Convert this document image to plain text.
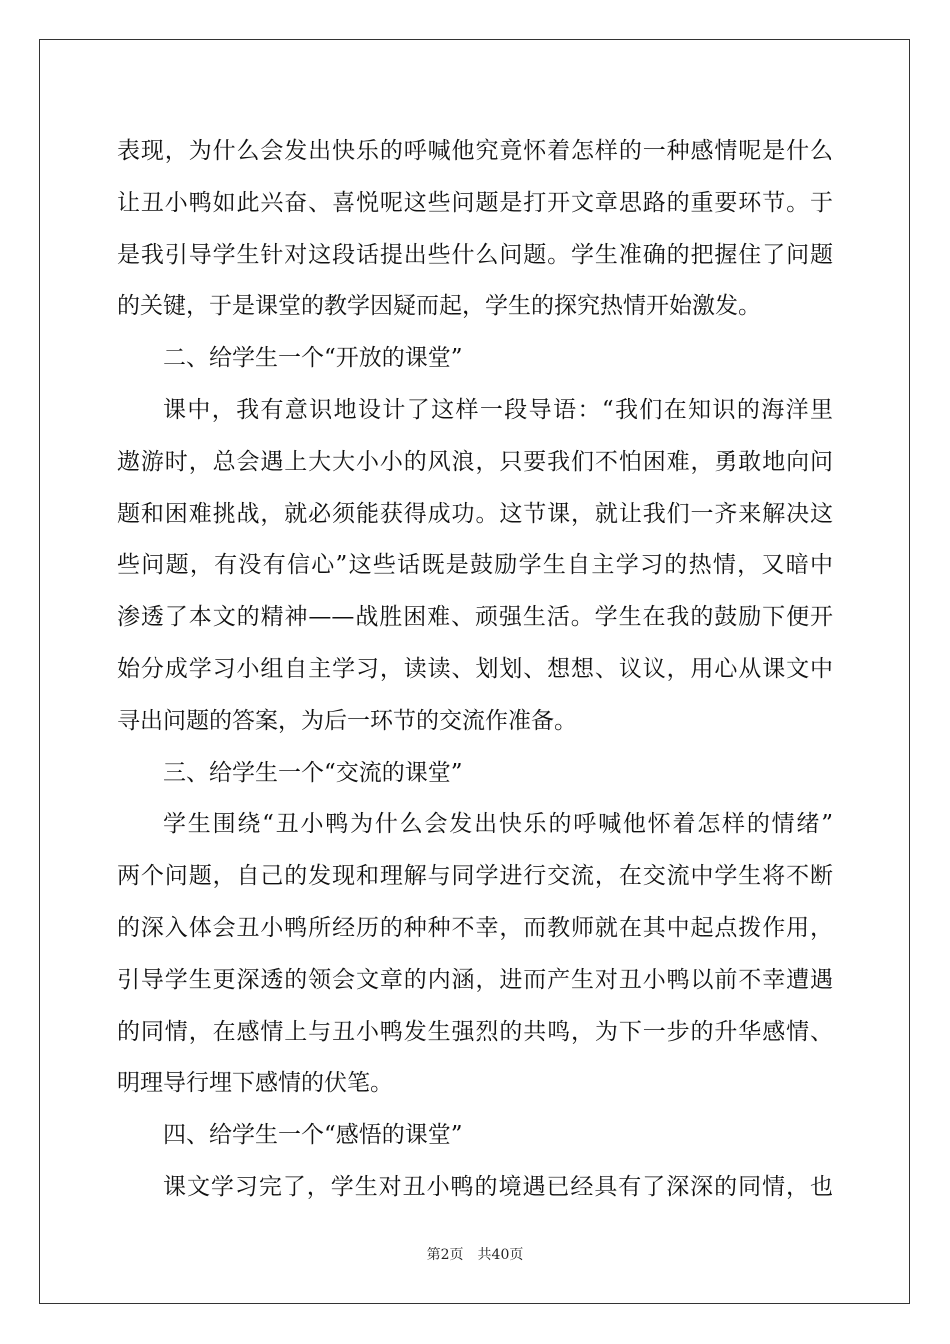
表现，为什么会发出快乐的呼喊他究竟怀着怎样的一种感情呢是什么
让丑小鸭如此兴奋、喜悦呢这些问题是打开文章思路的重要环节。于
是我引导学生针对这段话提出些什么问题。学生准确的把握住了问题
的关键，于是课堂的教学因疑而起，学生的探究热情开始激发。
二、给学生一个“开放的课堂”
课中，我有意识地设计了这样一段导语：“我们在知识的海洋里
遨游时，总会遇上大大小小的风浪，只要我们不怕困难，勇敢地向问
题和困难挑战，就必须能获得成功。这节课，就让我们一齐来解决这
些问题，有没有信心”这些话既是鼓励学生自主学习的热情，又暗中
渗透了本文的精神——战胜困难、顽强生活。学生在我的鼓励下便开
始分成学习小组自主学习，读读、划划、想想、议议，用心从课文中
寻出问题的答案，为后一环节的交流作准备。
三、给学生一个“交流的课堂”
学生围绕“丑小鸭为什么会发出快乐的呼喊他怀着怎样的情绪”
两个问题，自己的发现和理解与同学进行交流，在交流中学生将不断
的深入体会丑小鸭所经历的种种不幸，而教师就在其中起点拨作用，
引导学生更深透的领会文章的内涵，进而产生对丑小鸭以前不幸遭遇
的同情，在感情上与丑小鸭发生强烈的共鸣，为下一步的升华感情、
明理导行埋下感情的伏笔。
四、给学生一个“感悟的课堂”
课文学习完了，学生对丑小鸭的境遇已经具有了深深的同情，也
第2页 共40页
